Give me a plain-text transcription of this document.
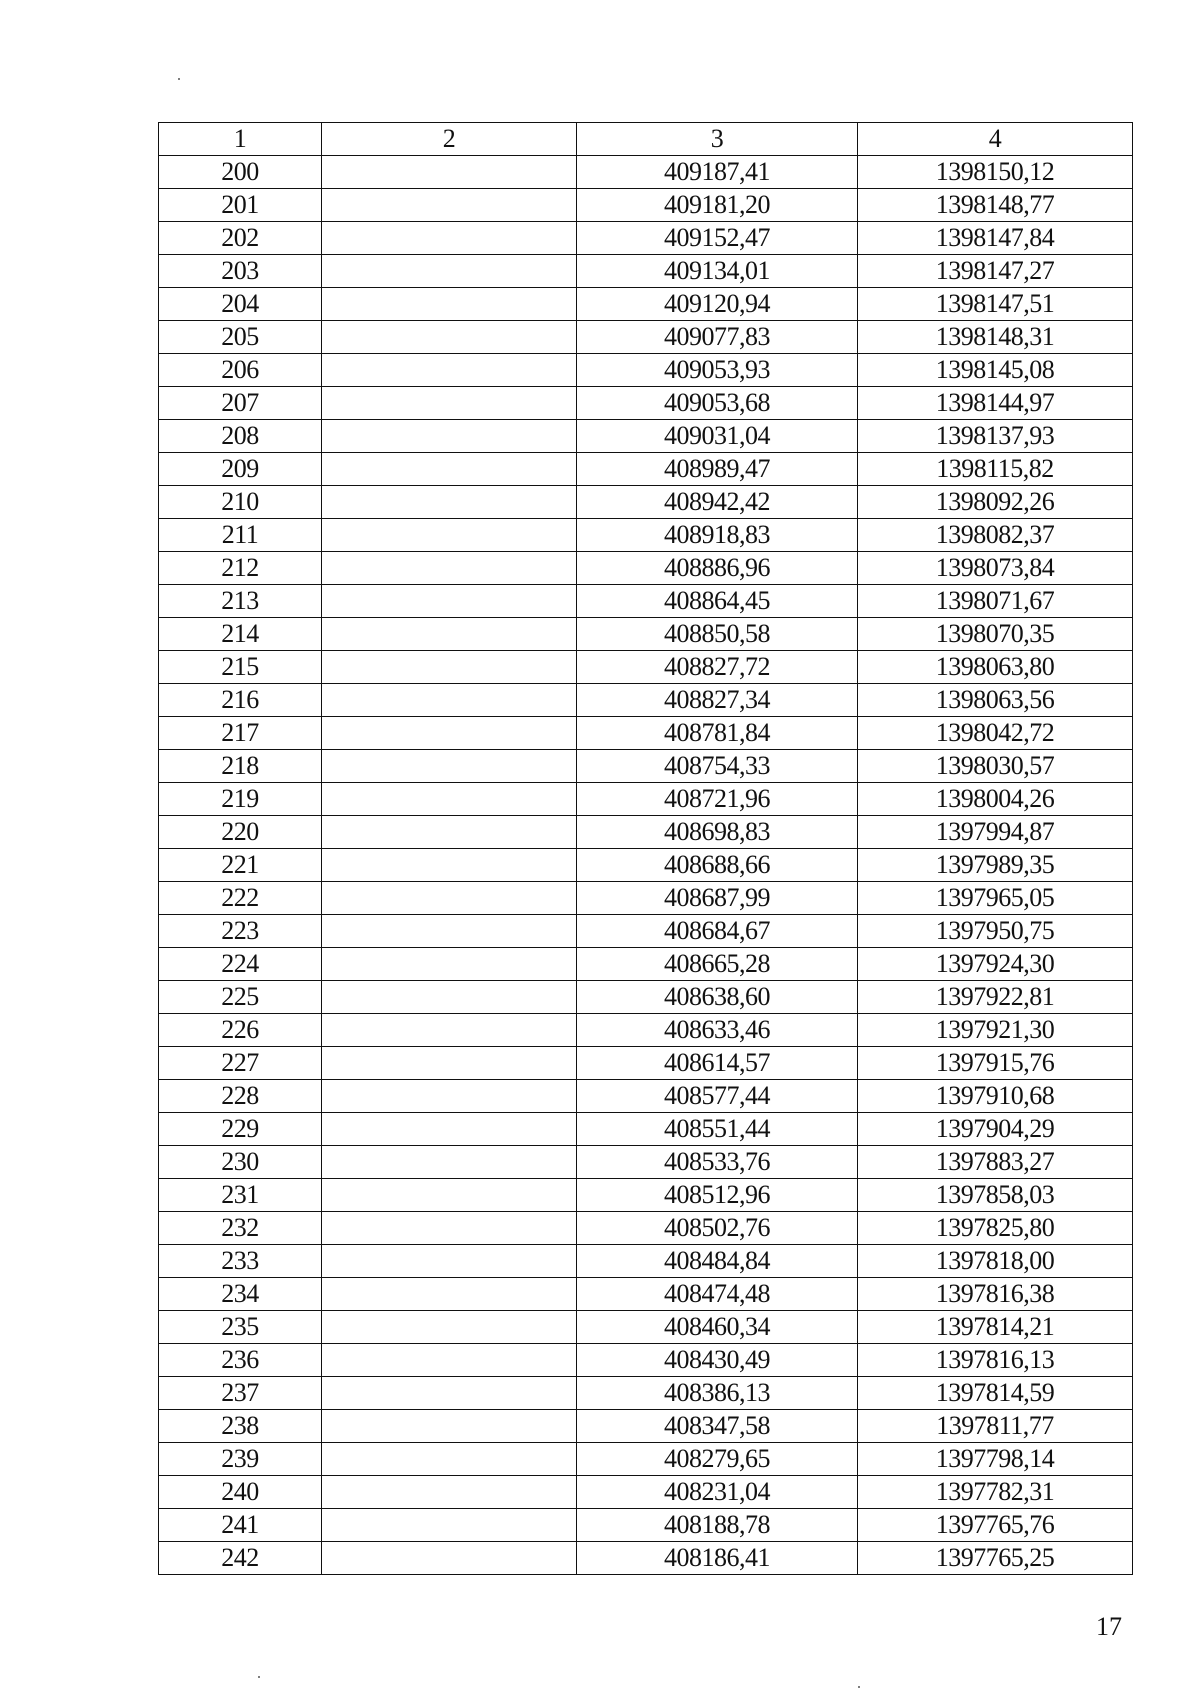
1	2	3	4
200		409187,41	1398150,12
201		409181,20	1398148,77
202		409152,47	1398147,84
203		409134,01	1398147,27
204		409120,94	1398147,51
205		409077,83	1398148,31
206		409053,93	1398145,08
207		409053,68	1398144,97
208		409031,04	1398137,93
209		408989,47	1398115,82
210		408942,42	1398092,26
211		408918,83	1398082,37
212		408886,96	1398073,84
213		408864,45	1398071,67
214		408850,58	1398070,35
215		408827,72	1398063,80
216		408827,34	1398063,56
217		408781,84	1398042,72
218		408754,33	1398030,57
219		408721,96	1398004,26
220		408698,83	1397994,87
221		408688,66	1397989,35
222		408687,99	1397965,05
223		408684,67	1397950,75
224		408665,28	1397924,30
225		408638,60	1397922,81
226		408633,46	1397921,30
227		408614,57	1397915,76
228		408577,44	1397910,68
229		408551,44	1397904,29
230		408533,76	1397883,27
231		408512,96	1397858,03
232		408502,76	1397825,80
233		408484,84	1397818,00
234		408474,48	1397816,38
235		408460,34	1397814,21
236		408430,49	1397816,13
237		408386,13	1397814,59
238		408347,58	1397811,77
239		408279,65	1397798,14
240		408231,04	1397782,31
241		408188,78	1397765,76
242		408186,41	1397765,25
17
